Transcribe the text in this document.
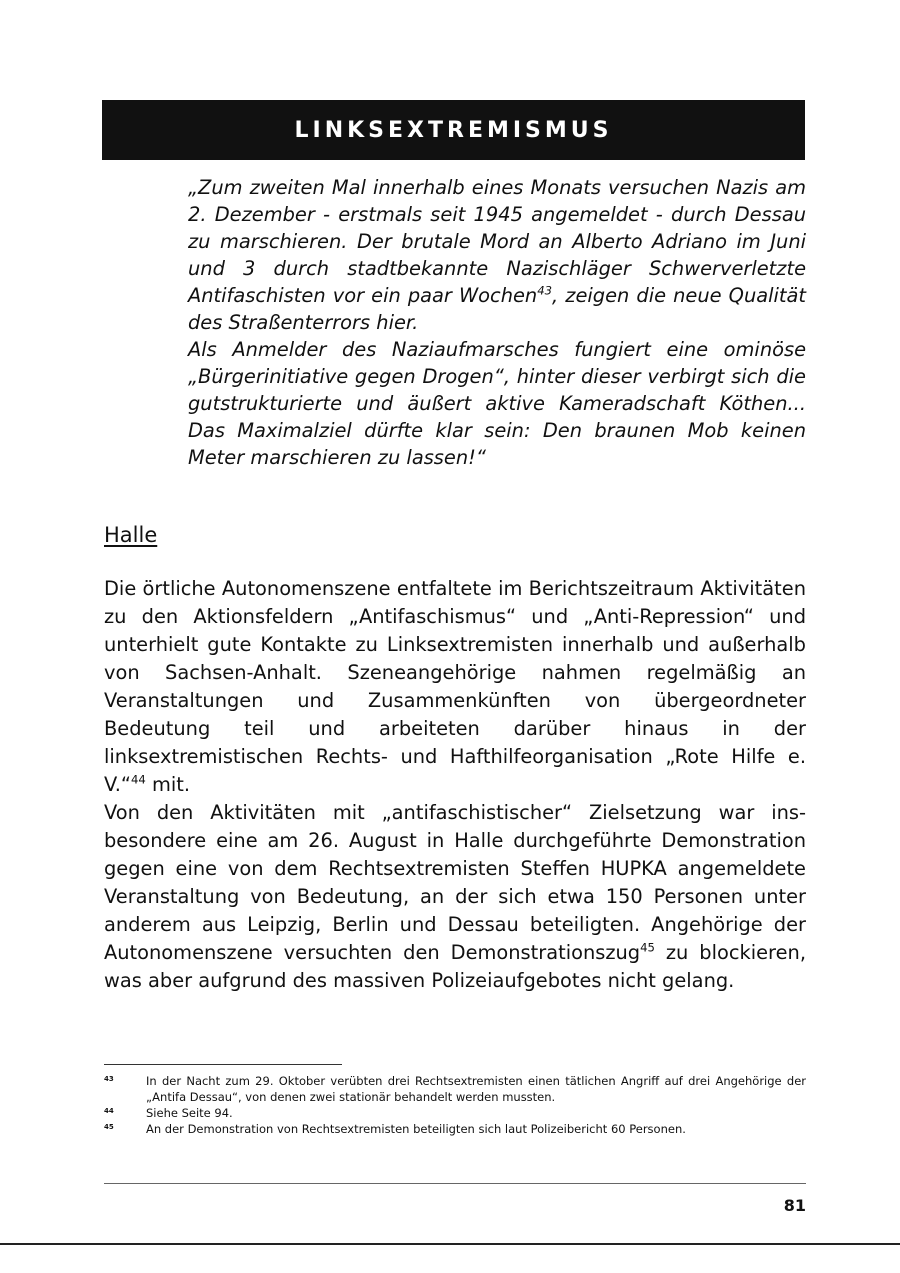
LINKSEXTREMISMUS
„Zum zweiten Mal innerhalb eines Monats versuchen Nazis am 2. Dezember - erstmals seit 1945 angemeldet - durch Dessau zu marschieren. Der brutale Mord an Alberto Adriano im Juni und 3 durch stadtbekannte Nazischläger Schwerverletzte Antifaschisten vor ein paar Wochen$^{43}$, zeigen die neue Qualität des Straßenterrors hier.
Als Anmelder des Naziaufmarsches fungiert eine ominöse „Bürgerinitiative gegen Drogen“, hinter dieser verbirgt sich die gutstrukturierte und äußert aktive Kameradschaft Köthen... Das Maximalziel dürfte klar sein: Den braunen Mob keinen Meter marschieren zu lassen!“
Halle

Die örtliche Autonomenszene entfaltete im Berichtszeitraum Aktivitäten zu den Aktionsfeldern „Antifaschismus“ und „Anti-Repression“ und unterhielt gute Kontakte zu Linksextremisten innerhalb und außerhalb von Sachsen-Anhalt. Szeneangehörige nahmen regelmäßig an Veranstaltungen und Zusammenkünften von übergeordneter Bedeutung teil und arbeiteten darüber hinaus in der linksextremistischen Rechts- und Hafthilfeorganisation „Rote Hilfe e. V.“$^{44}$ mit.

Von den Aktivitäten mit „antifaschistischer“ Zielsetzung war insbesondere eine am 26. August in Halle durchgeführte Demonstration gegen eine von dem Rechtsextremisten Steffen HUPKA angemeldete Veranstaltung von Bedeutung, an der sich etwa 150 Personen unter anderem aus Leipzig, Berlin und Dessau beteiligten. Angehörige der Autonomenszene versuchten den Demonstrationszug$^{45}$ zu blockieren, was aber aufgrund des massiven Polizeiaufgebotes nicht gelang.

43	In der Nacht zum 29. Oktober verübten drei Rechtsextremisten einen tätlichen Angriff auf drei Angehörige der „Antifa Dessau“, von denen zwei stationär behandelt werden mussten.
44	Siehe Seite 94.
45	An der Demonstration von Rechtsextremisten beteiligten sich laut Polizeibericht 60 Personen.
81
